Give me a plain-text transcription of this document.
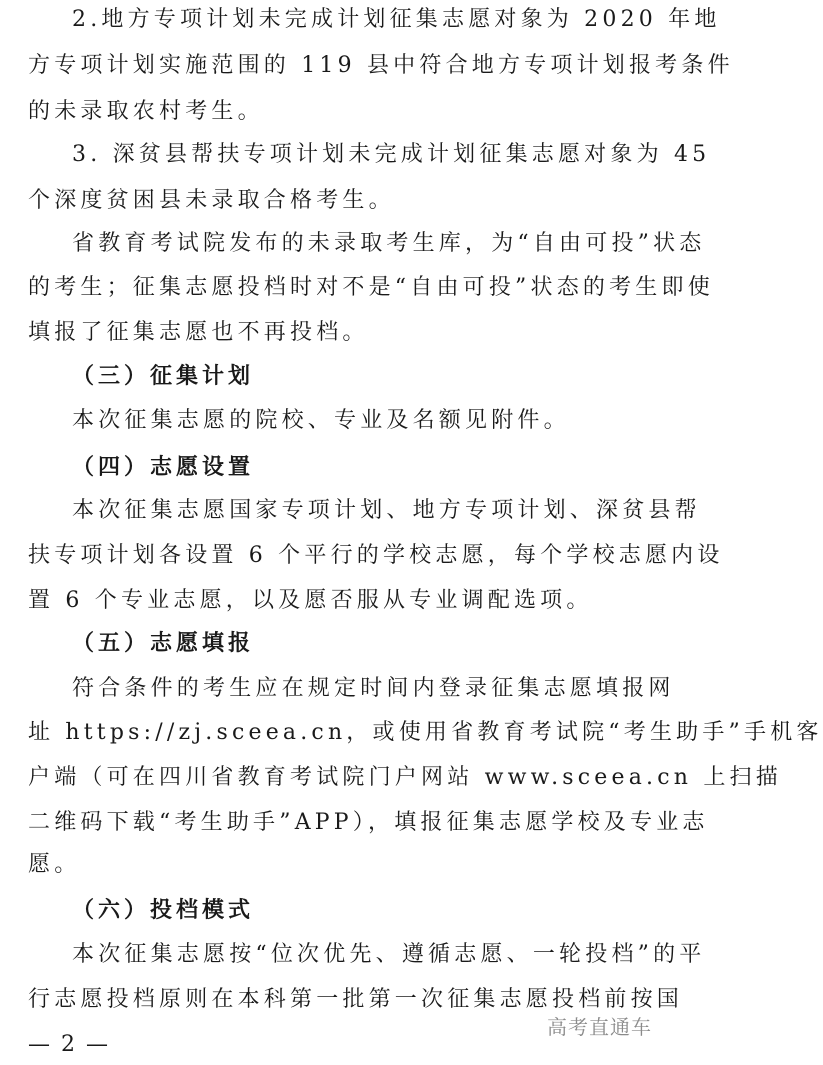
2.地方专项计划未完成计划征集志愿对象为 2020 年地
方专项计划实施范围的 119 县中符合地方专项计划报考条件
的未录取农村考生。
3. 深贫县帮扶专项计划未完成计划征集志愿对象为 45
个深度贫困县未录取合格考生。
省教育考试院发布的未录取考生库，为“自由可投”状态
的考生；征集志愿投档时对不是“自由可投”状态的考生即使
填报了征集志愿也不再投档。
（三）征集计划
本次征集志愿的院校、专业及名额见附件。
（四）志愿设置
本次征集志愿国家专项计划、地方专项计划、深贫县帮
扶专项计划各设置 6 个平行的学校志愿，每个学校志愿内设
置 6 个专业志愿，以及愿否服从专业调配选项。
（五）志愿填报
符合条件的考生应在规定时间内登录征集志愿填报网
址 https://zj.sceea.cn，或使用省教育考试院“考生助手”手机客
户端（可在四川省教育考试院门户网站 www.sceea.cn 上扫描
二维码下载“考生助手”APP），填报征集志愿学校及专业志
愿。
（六）投档模式
本次征集志愿按“位次优先、遵循志愿、一轮投档”的平
行志愿投档原则在本科第一批第一次征集志愿投档前按国
高考直通车
— 2 —
